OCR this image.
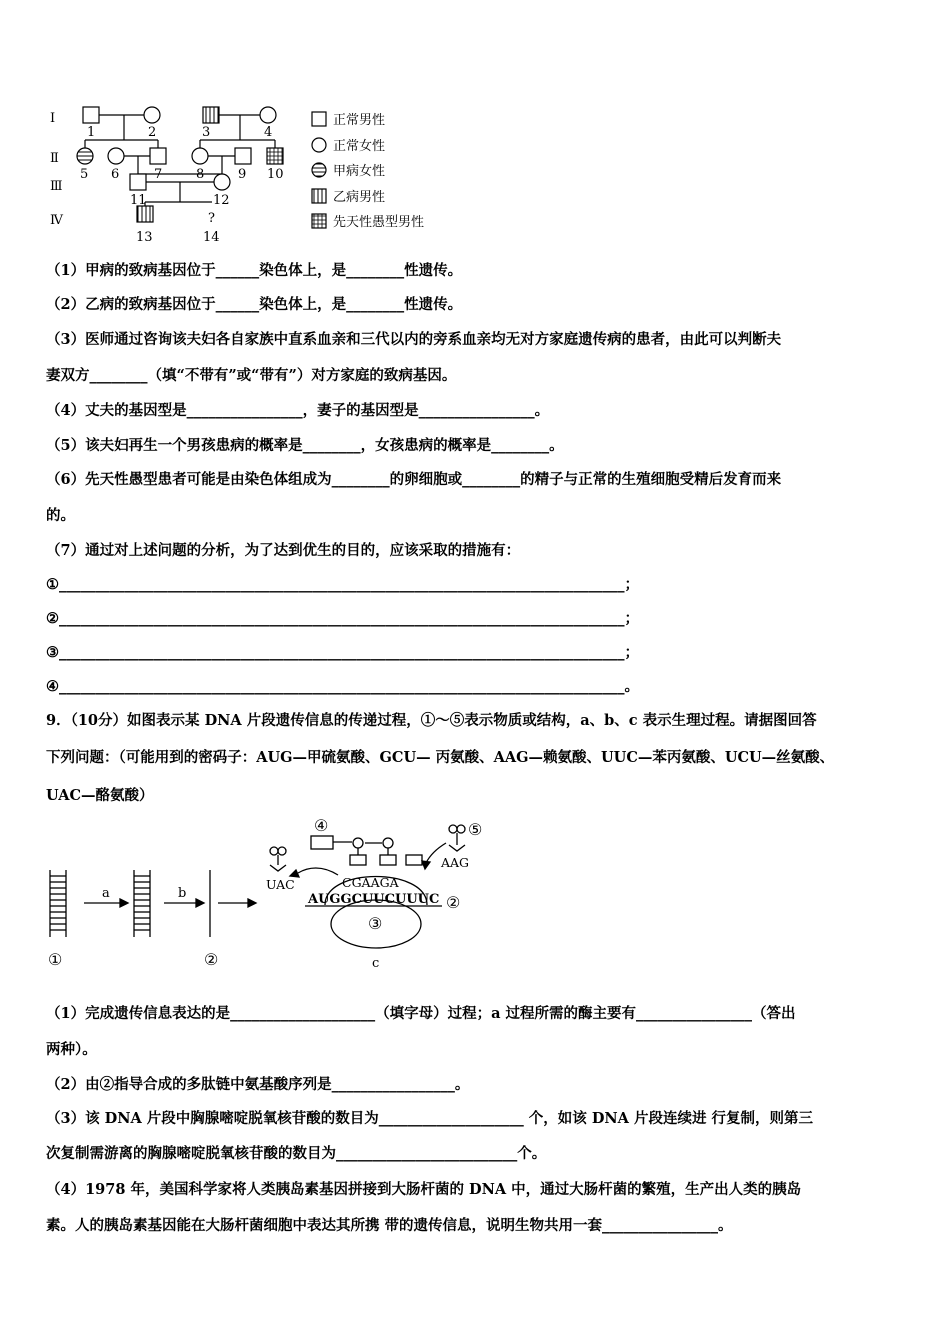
Ⅰ
Ⅱ
Ⅲ
Ⅳ
1	2	3	4
5 6	7	8	9 10
11	12
13	14
?
正常男性
正常女性
甲病女性
乙病男性
先天性愚型男性
（1）甲病的致病基因位于______染色体上，是________性遗传。
（2）乙病的致病基因位于______染色体上，是________性遗传。
（3）医师通过咨询该夫妇各自家族中直系血亲和三代以内的旁系血亲均无对方家庭遗传病的患者，由此可以判断夫
妻双方________（填“不带有”或“带有”）对方家庭的致病基因。
（4）丈夫的基因型是________________，妻子的基因型是________________。
（5）该夫妇再生一个男孩患病的概率是________，女孩患病的概率是________。
（6）先天性愚型患者可能是由染色体组成为________的卵细胞或________的精子与正常的生殖细胞受精后发育而来
的。
（7）通过对上述问题的分析，为了达到优生的目的，应该采取的措施有：
①______________________________________________________________________________；
②______________________________________________________________________________；
③______________________________________________________________________________；
④______________________________________________________________________________。
9．（10分）如图表示某 DNA 片段遗传信息的传递过程，①～⑤表示物质或结构，a、b、c 表示生理过程。请据图回答
下列问题：（可能用到的密码子：AUG—甲硫氨酸、GCU— 丙氨酸、AAG—赖氨酸、UUC—苯丙氨酸、UCU—丝氨酸、
UAC—酪氨酸）
①
a	b
②
④	⑤
UAC
AAG
CGAAGA
AUGGCUUCUUUC ②
③
c
（1）完成遗传信息表达的是____________________（填字母）过程；a 过程所需的酶主要有________________（答出
两种）。
（2）由②指导合成的多肽链中氨基酸序列是_________________。
（3）该 DNA 片段中胸腺嘧啶脱氧核苷酸的数目为____________________ 个，如该 DNA 片段连续进 行复制，则第三
次复制需游离的胸腺嘧啶脱氧核苷酸的数目为_________________________个。
（4）1978 年，美国科学家将人类胰岛素基因拼接到大肠杆菌的 DNA 中，通过大肠杆菌的繁殖，生产出人类的胰岛
素。人的胰岛素基因能在大肠杆菌细胞中表达其所携 带的遗传信息，说明生物共用一套________________。
